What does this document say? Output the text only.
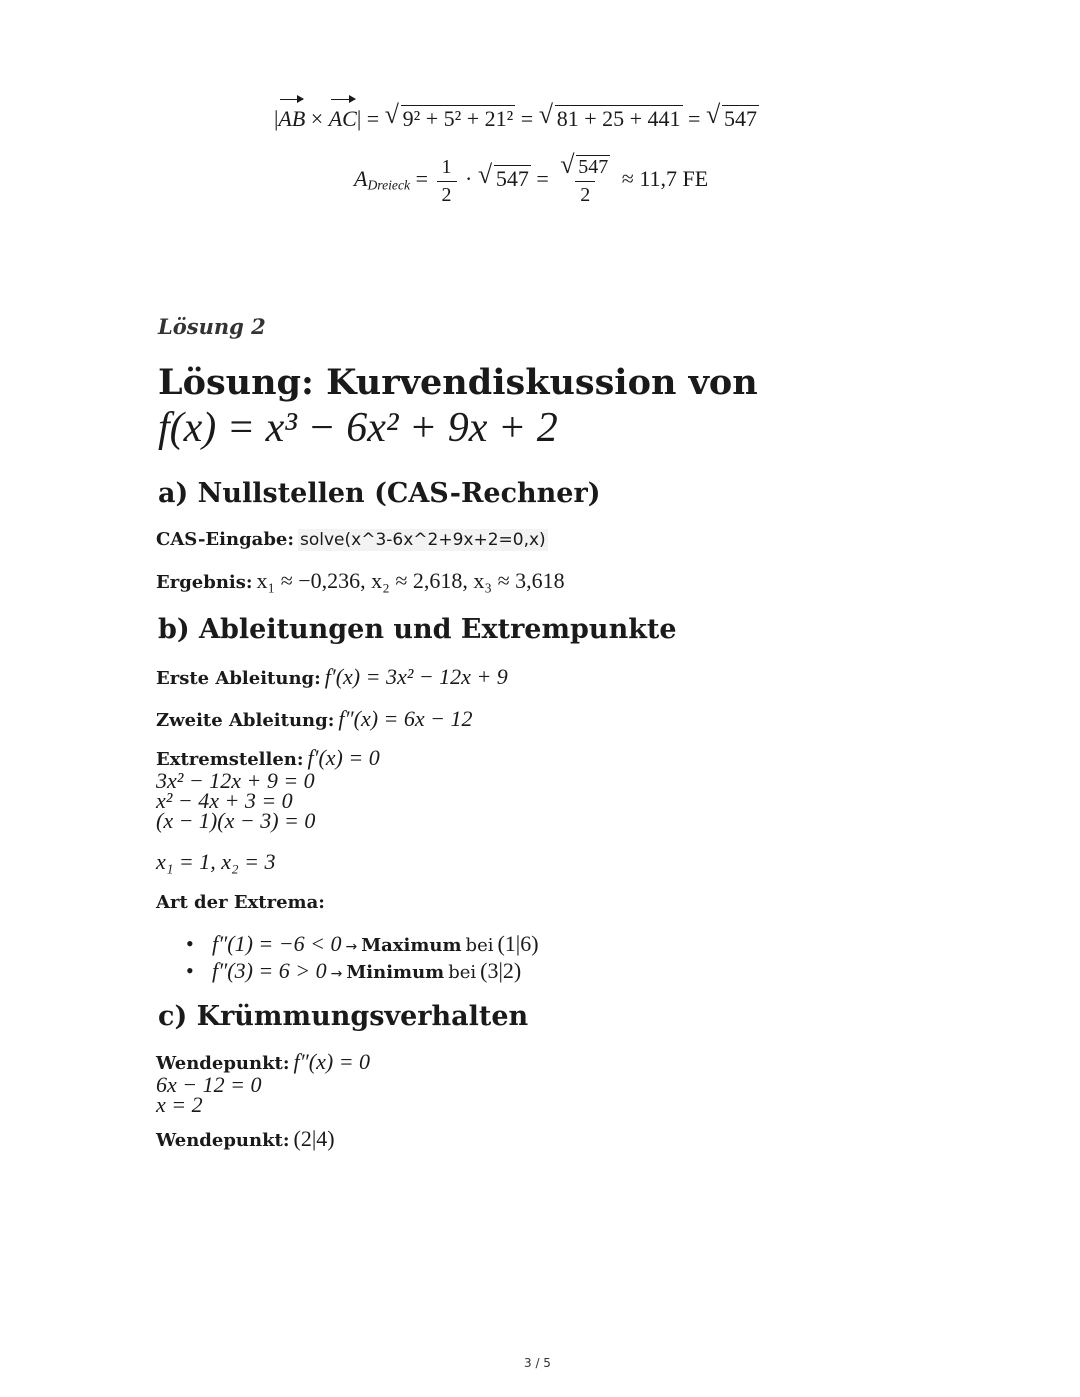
|AB × AC| = √ 9² + 5² + 21² = √ 81 + 25 + 441 = √ 547
$A_{Dreieck} = \frac{1}{2}$ · √ $547 = \frac{√ 547}{2} \approx 11,7$ FE
Lösung 2
Lösung: Kurvendiskussion von
f(x) = x³ − 6x² + 9x + 2
a) Nullstellen (CAS-Rechner)
CAS-Eingabe: solve(x^3-6x^2+9x+2=0,x)
Ergebnis: x₁ ≈ −0,236, x₂ ≈ 2,618, x₃ ≈ 3,618
b) Ableitungen und Extrempunkte
Erste Ableitung: f′(x) = 3x² − 12x + 9
Zweite Ableitung: f″(x) = 6x − 12
Extremstellen: f′(x) = 0
3x² − 12x + 9 = 0
x² − 4x + 3 = 0
(x − 1)(x − 3) = 0
x₁ = 1, x₂ = 3
Art der Extrema:
• f″(1) = −6 < 0 → Maximum bei (1|6)
• f″(3) = 6 > 0 → Minimum bei (3|2)
c) Krümmungsverhalten
Wendepunkt: f″(x) = 0
6x − 12 = 0
x = 2
Wendepunkt: (2|4)
3 / 5
